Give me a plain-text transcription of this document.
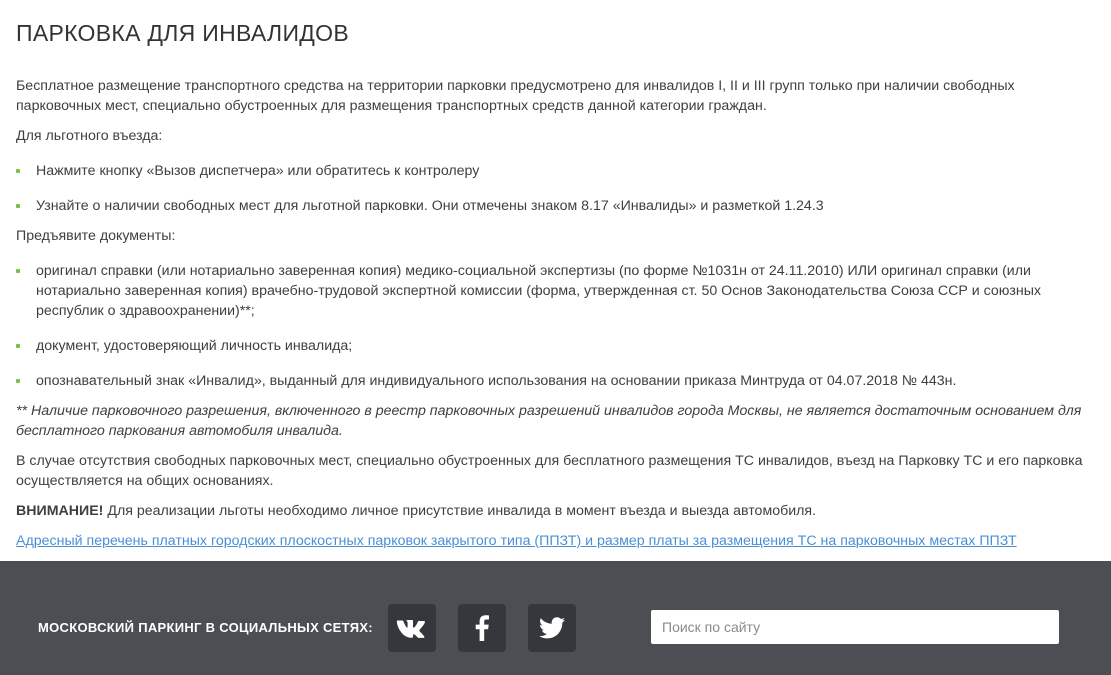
ПАРКОВКА ДЛЯ ИНВАЛИДОВ

Бесплатное размещение транспортного средства на территории парковки предусмотрено для инвалидов I, II и III групп только при наличии свободных парковочных мест, специально обустроенных для размещения транспортных средств данной категории граждан.

Для льготного въезда:

Нажмите кнопку «Вызов диспетчера» или обратитесь к контролеру
Узнайте о наличии свободных мест для льготной парковки. Они отмечены знаком 8.17 «Инвалиды» и разметкой 1.24.3

Предъявите документы:

оригинал справки (или нотариально заверенная копия) медико-социальной экспертизы (по форме №1031н от 24.11.2010) ИЛИ оригинал справки (или нотариально заверенная копия) врачебно-трудовой экспертной комиссии (форма, утвержденная ст. 50 Основ Законодательства Союза ССР и союзных республик о здравоохранении)**;
документ, удостоверяющий личность инвалида;
опознавательный знак «Инвалид», выданный для индивидуального использования на основании приказа Минтруда от 04.07.2018 № 443н.

** Наличие парковочного разрешения, включенного в реестр парковочных разрешений инвалидов города Москвы, не является достаточным основанием для бесплатного паркования автомобиля инвалида.

В случае отсутствия свободных парковочных мест, специально обустроенных для бесплатного размещения ТС инвалидов, въезд на Парковку ТС и его парковка осуществляется на общих основаниях.

ВНИМАНИЕ! Для реализации льготы необходимо личное присутствие инвалида в момент въезда и выезда автомобиля.

Адресный перечень платных городских плоскостных парковок закрытого типа (ППЗТ) и размер платы за размещения ТС на парковочных местах ППЗТ

МОСКОВСКИЙ ПАРКИНГ В СОЦИАЛЬНЫХ СЕТЯХ:
Поиск по сайту
